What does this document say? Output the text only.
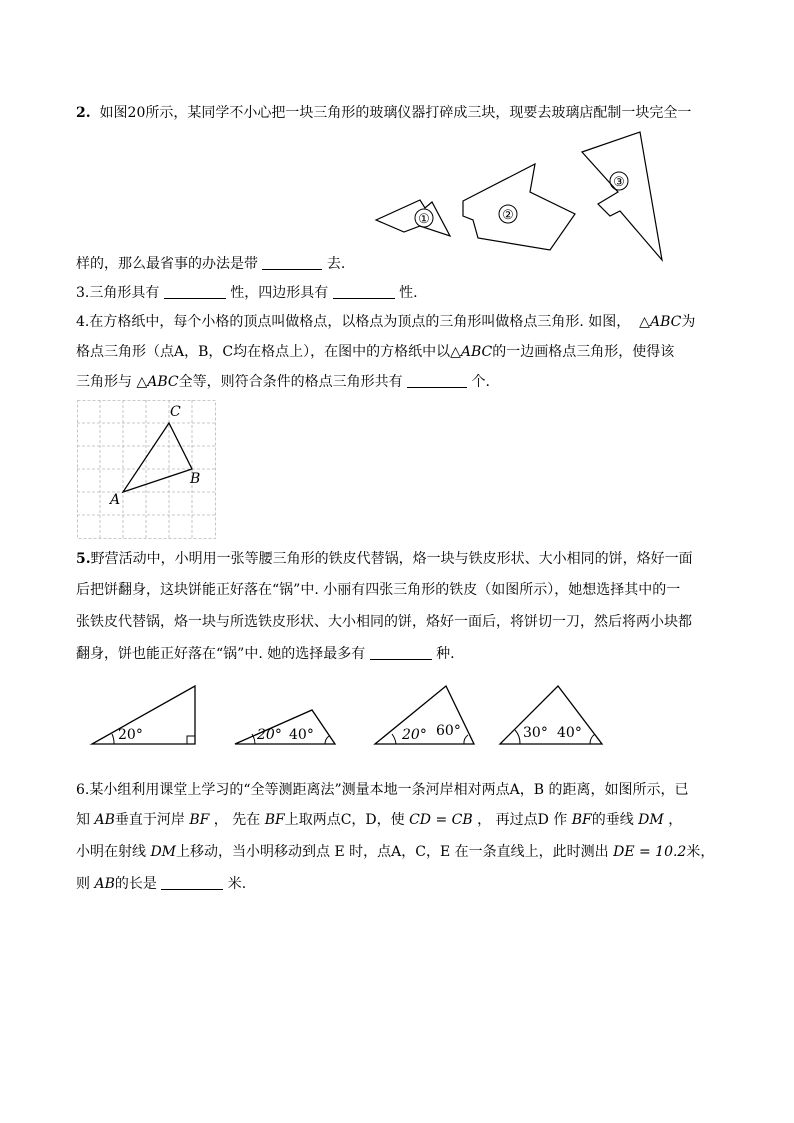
2. 如图20所示，某同学不小心把一块三角形的玻璃仪器打碎成三块，现要去玻璃店配制一块完全一
①	②
③
样的，那么最省事的办法是带	去.
3.三角形具有	性，四边形具有	性.
4.在方格纸中，每个小格的顶点叫做格点，以格点为顶点的三角形叫做格点三角形. 如图， △ABC为
格点三角形（点A，B，C均在格点上），在图中的方格纸中以△ABC的一边画格点三角形，使得该
三角形与 △ABC全等，则符合条件的格点三角形共有	个.
A
B
C
5.野营活动中，小明用一张等腰三角形的铁皮代替锅，烙一块与铁皮形状、大小相同的饼，烙好一面
后把饼翻身，这块饼能正好落在“锅”中. 小丽有四张三角形的铁皮（如图所示），她想选择其中的一
张铁皮代替锅，烙一块与所选铁皮形状、大小相同的饼，烙好一面后，将饼切一刀，然后将两小块都
翻身，饼也能正好落在“锅”中. 她的选择最多有	种.
20°	20° 40°	20° 60°	30° 40°
6.某小组利用课堂上学习的“全等测距离法”测量本地一条河岸相对两点A，B 的距离，如图所示，已
知 AB垂直于河岸 BF ， 先在 BF上取两点C，D，使 CD = CB ， 再过点D 作 BF的垂线 DM ，
小明在射线 DM上移动，当小明移动到点 E 时，点A，C，E 在一条直线上，此时测出 DE = 10.2米，
则 AB的长是	米.
